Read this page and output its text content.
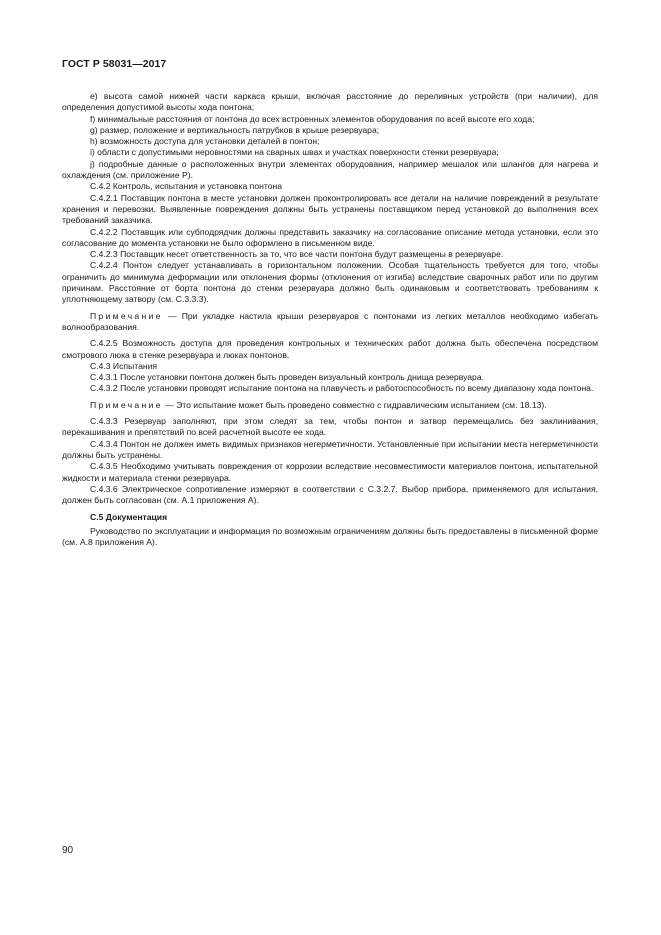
ГОСТ Р 58031—2017

e) высота самой нижней части каркаса крыши, включая расстояние до переливных устройств (при наличии), для определения допустимой высоты хода понтона;

f) минимальные расстояния от понтона до всех встроенных элементов оборудования по всей высоте его хода;

g) размер, положение и вертикальность патрубков в крыше резервуара;

h) возможность доступа для установки деталей в понтон;

i) области с допустимыми неровностями на сварных швах и участках поверхности стенки резервуара;

j) подробные данные о расположенных внутри элементах оборудования, например мешалок или шлангов для нагрева и охлаждения (см. приложение Р).

С.4.2 Контроль, испытания и установка понтона

С.4.2.1 Поставщик понтона в месте установки должен проконтролировать все детали на наличие повреждений в результате хранения и перевозки. Выявленные повреждения должны быть устранены поставщиком перед установкой до выполнения всех требований заказчика.

С.4.2.2 Поставщик или субподрядчик должны представить заказчику на согласование описание метода установки, если это согласование до момента установки не было оформлено в письменном виде.

С.4.2.3 Поставщик несет ответственность за то, что все части понтона будут размещены в резервуаре.

С.4.2.4 Понтон следует устанавливать в горизонтальном положении. Особая тщательность требуется для того, чтобы ограничить до минимума деформации или отклонения формы (отклонения от изгиба) вследствие сварочных работ или по другим причинам. Расстояние от борта понтона до стенки резервуара должно быть одинаковым и соответствовать требованиям к уплотняющему затвору (см. С.3.3.3).

Примечание — При укладке настила крыши резервуаров с понтонами из легких металлов необходимо избегать волнообразования.

С.4.2.5 Возможность доступа для проведения контрольных и технических работ должна быть обеспечена посредством смотрового люка в стенке резервуара и люках понтонов.

С.4.3 Испытания

С.4.3.1 После установки понтона должен быть проведен визуальный контроль днища резервуара.

С.4.3.2 После установки проводят испытание понтона на плавучесть и работоспособность по всему диапазону хода понтона.

Примечание — Это испытание может быть проведено совместно с гидравлическим испытанием (см. 18.13).

С.4.3.3 Резервуар заполняют, при этом следят за тем, чтобы понтон и затвор перемещались без заклинивания, перекашивания и препятствий по всей расчетной высоте ее хода.

С.4.3.4 Понтон не должен иметь видимых признаков негерметичности. Установленные при испытании места негерметичности должны быть устранены.

С.4.3.5 Необходимо учитывать повреждения от коррозии вследствие несовместимости материалов понтона, испытательной жидкости и материала стенки резервуара.

С.4.3.6 Электрическое сопротивление измеряют в соответствии с С.3.2.7. Выбор прибора, применяемого для испытания, должен быть согласован (см. А.1 приложения А).

С.5 Документация

Руководство по эксплуатации и информация по возможным ограничениям должны быть предоставлены в письменной форме (см. А.8 приложения А).

90
